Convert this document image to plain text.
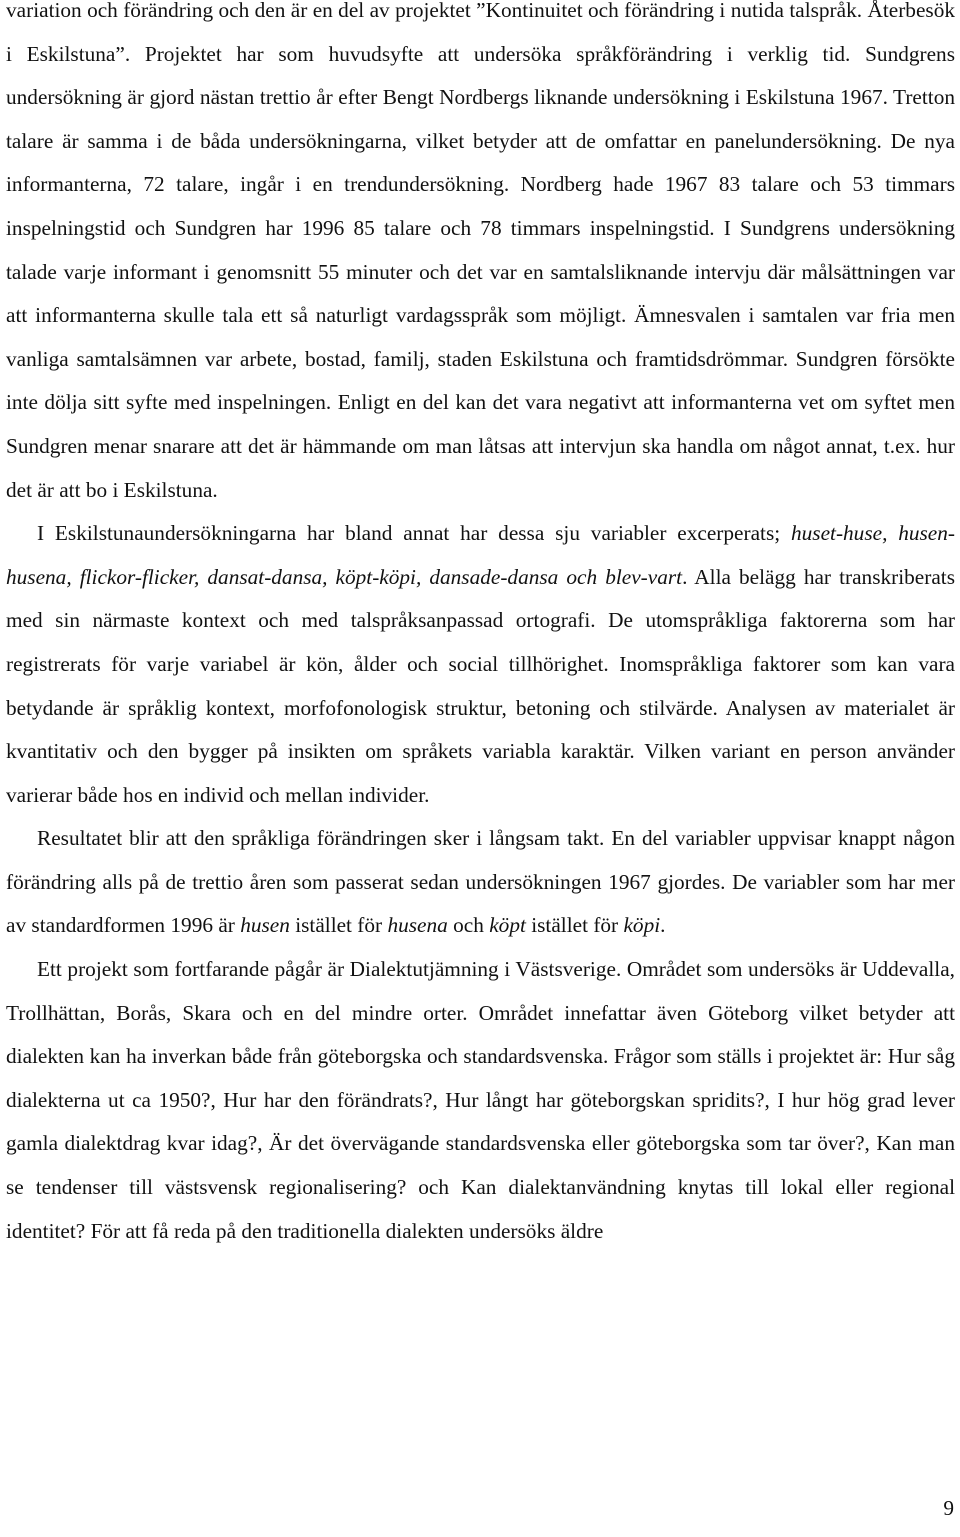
variation och förändring och den är en del av projektet ”Kontinuitet och förändring i nutida talspråk. Återbesök i Eskilstuna”. Projektet har som huvudsyfte att undersöka språkförändring i verklig tid. Sundgrens undersökning är gjord nästan trettio år efter Bengt Nordbergs liknande undersökning i Eskilstuna 1967. Tretton talare är samma i de båda undersökningarna, vilket betyder att de omfattar en panelundersökning. De nya informanterna, 72 talare, ingår i en trendundersökning. Nordberg hade 1967 83 talare och 53 timmars inspelningstid och Sundgren har 1996 85 talare och 78 timmars inspelningstid. I Sundgrens undersökning talade varje informant i genomsnitt 55 minuter och det var en samtalsliknande intervju där målsättningen var att informanterna skulle tala ett så naturligt vardagsspråk som möjligt. Ämnesvalen i samtalen var fria men vanliga samtalsämnen var arbete, bostad, familj, staden Eskilstuna och framtidsdrömmar. Sundgren försökte inte dölja sitt syfte med inspelningen. Enligt en del kan det vara negativt att informanterna vet om syftet men Sundgren menar snarare att det är hämmande om man låtsas att intervjun ska handla om något annat, t.ex. hur det är att bo i Eskilstuna.

I Eskilstunaundersökningarna har bland annat har dessa sju variabler excerperats; huset-huse, husen-husena, flickor-flicker, dansat-dansa, köpt-köpi, dansade-dansa och blev-vart. Alla belägg har transkriberats med sin närmaste kontext och med talspråksanpassad ortografi. De utomspråkliga faktorerna som har registrerats för varje variabel är kön, ålder och social tillhörighet. Inomspråkliga faktorer som kan vara betydande är språklig kontext, morfofonologisk struktur, betoning och stilvärde. Analysen av materialet är kvantitativ och den bygger på insikten om språkets variabla karaktär. Vilken variant en person använder varierar både hos en individ och mellan individer.

Resultatet blir att den språkliga förändringen sker i långsam takt. En del variabler uppvisar knappt någon förändring alls på de trettio åren som passerat sedan undersökningen 1967 gjordes. De variabler som har mer av standardformen 1996 är husen istället för husena och köpt istället för köpi.

Ett projekt som fortfarande pågår är Dialektutjämning i Västsverige. Området som undersöks är Uddevalla, Trollhättan, Borås, Skara och en del mindre orter. Området innefattar även Göteborg vilket betyder att dialekten kan ha inverkan både från göteborgska och standardsvenska. Frågor som ställs i projektet är: Hur såg dialekterna ut ca 1950?, Hur har den förändrats?, Hur långt har göteborgskan spridits?, I hur hög grad lever gamla dialektdrag kvar idag?, Är det övervägande standardsvenska eller göteborgska som tar över?, Kan man se tendenser till västsvensk regionalisering? och Kan dialektanvändning knytas till lokal eller regional identitet? För att få reda på den traditionella dialekten undersöks äldre

9
